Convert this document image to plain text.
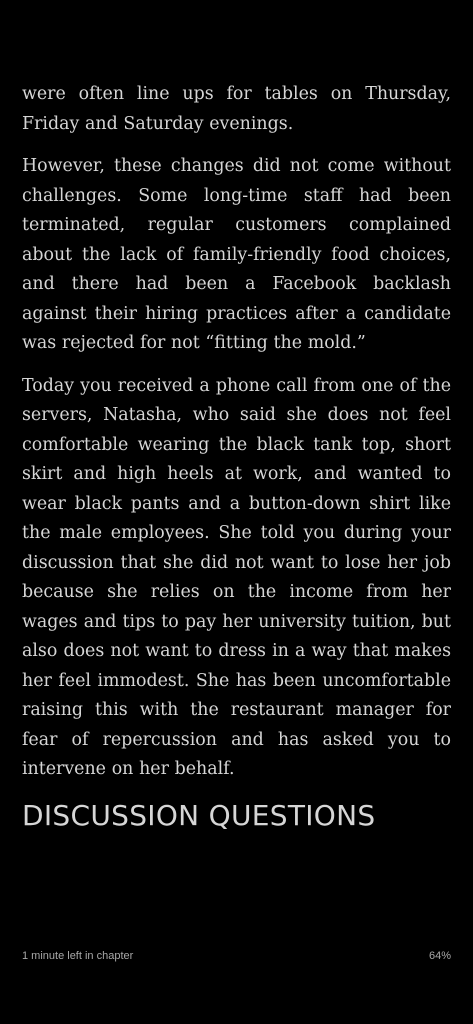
were often line ups for tables on Thursday, Friday and Saturday evenings.

However, these changes did not come without challenges. Some long-time staff had been terminated, regular customers complained about the lack of family-friendly food choices, and there had been a Facebook backlash against their hiring practices after a candidate was rejected for not “fitting the mold.”

Today you received a phone call from one of the servers, Natasha, who said she does not feel comfortable wearing the black tank top, short skirt and high heels at work, and wanted to wear black pants and a button-down shirt like the male employees. She told you during your discussion that she did not want to lose her job because she relies on the income from her wages and tips to pay her university tuition, but also does not want to dress in a way that makes her feel immodest. She has been uncomfortable raising this with the restaurant manager for fear of repercussion and has asked you to intervene on her behalf.

DISCUSSION QUESTIONS
1 minute left in chapter	64%
